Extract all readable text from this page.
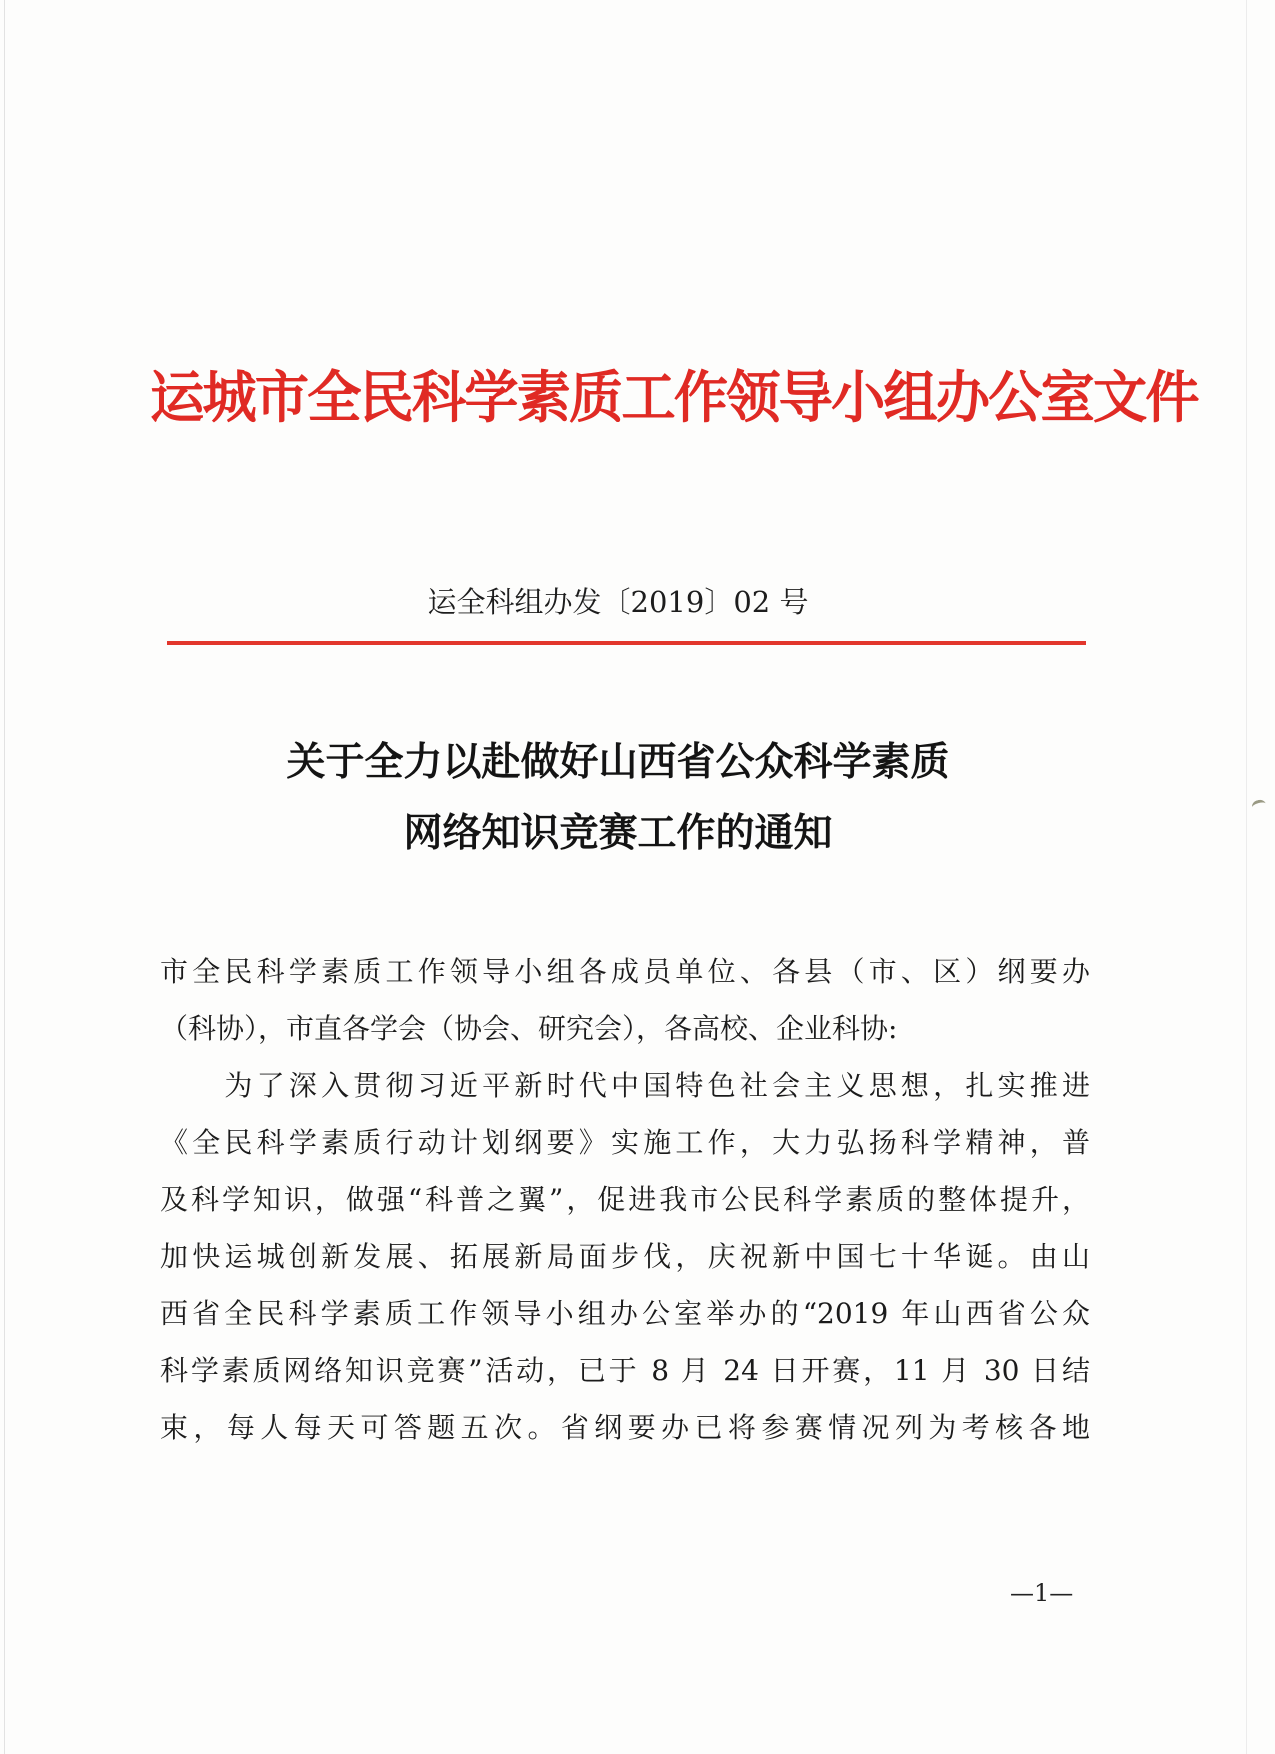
运城市全民科学素质工作领导小组办公室文件
运全科组办发〔2019〕02 号
关于全力以赴做好山西省公众科学素质
网络知识竞赛工作的通知
市全民科学素质工作领导小组各成员单位、各县（市、区）纲要办
（科协），市直各学会（协会、研究会），各高校、企业科协:
　　为了深入贯彻习近平新时代中国特色社会主义思想，扎实推进
《全民科学素质行动计划纲要》实施工作，大力弘扬科学精神，普
及科学知识，做强“科普之翼”，促进我市公民科学素质的整体提升，
加快运城创新发展、拓展新局面步伐，庆祝新中国七十华诞。由山
西省全民科学素质工作领导小组办公室举办的“2019 年山西省公众
科学素质网络知识竞赛”活动，已于 8 月 24 日开赛，11 月 30 日结
束，每人每天可答题五次。省纲要办已将参赛情况列为考核各地
—1—
